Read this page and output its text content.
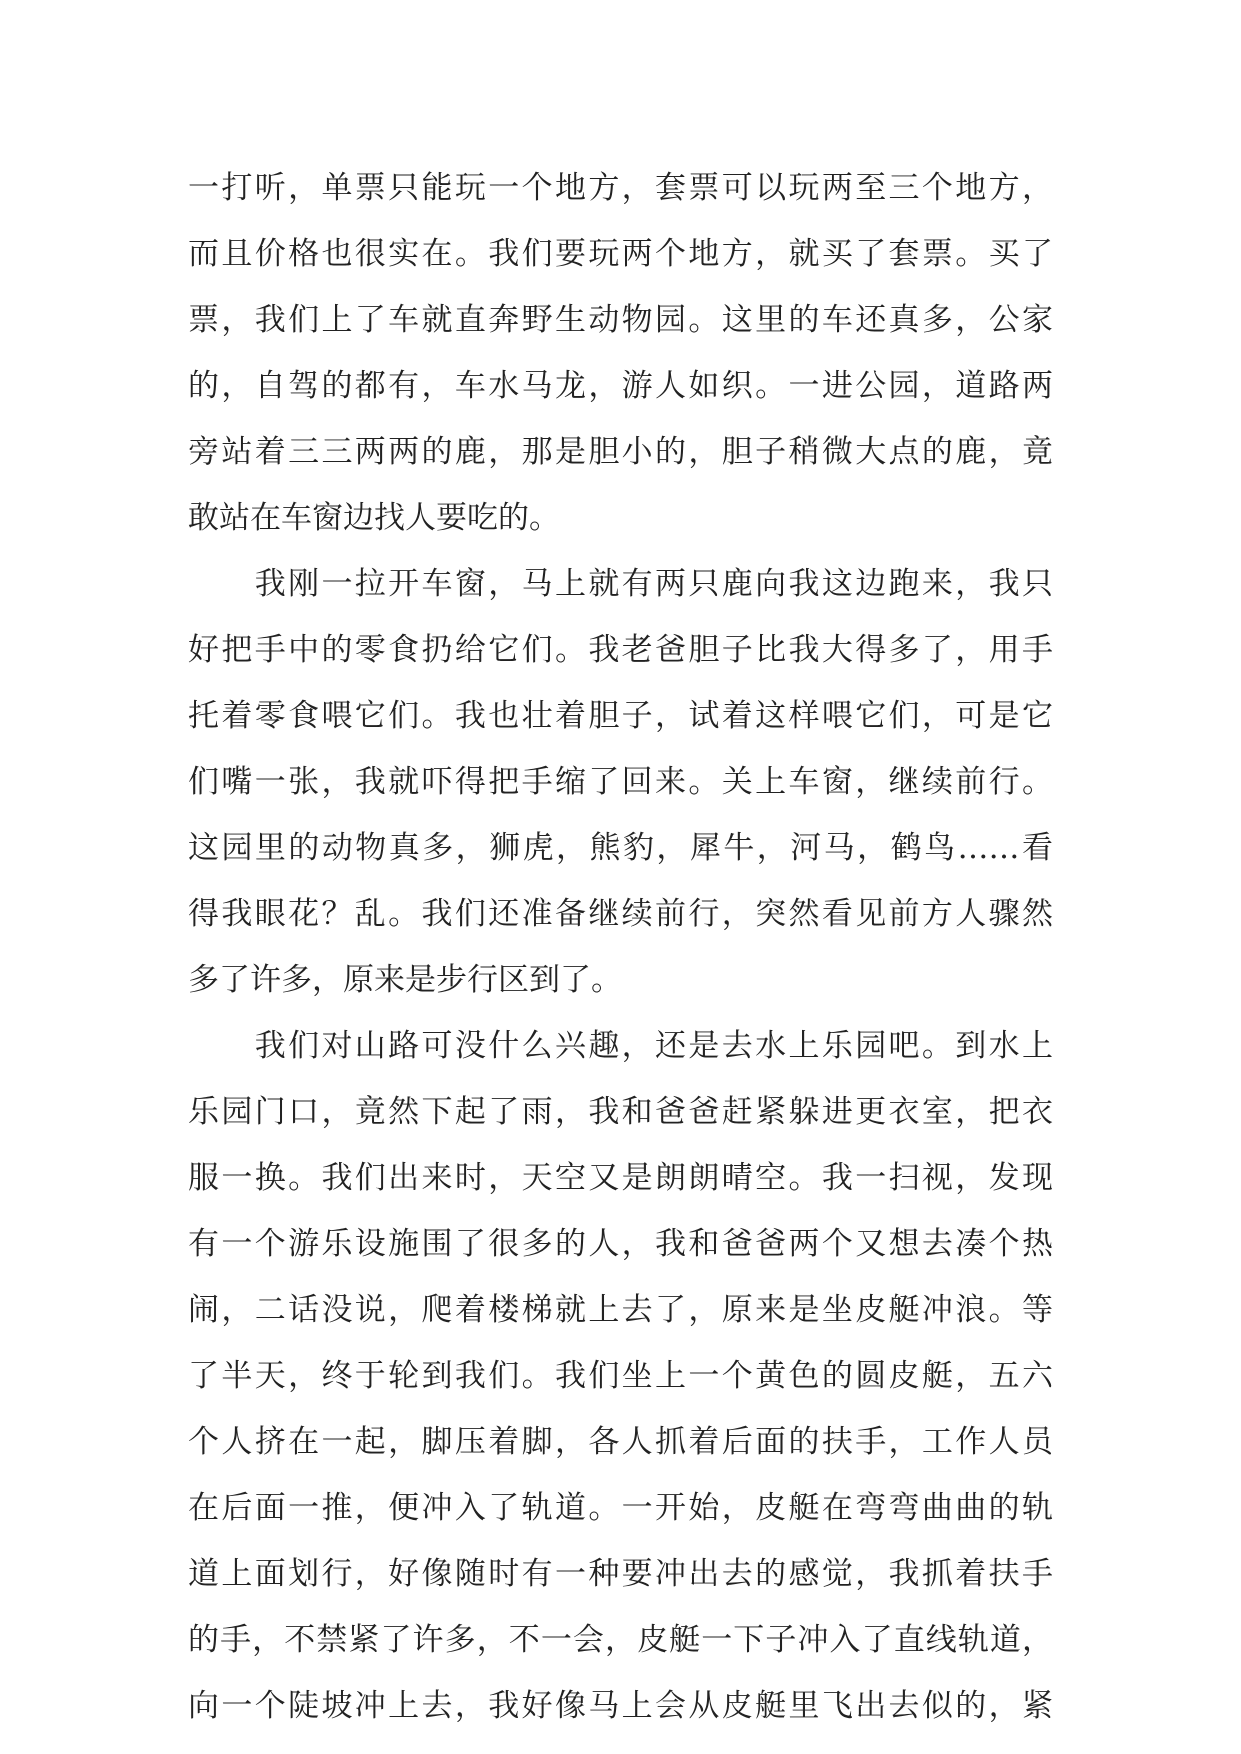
一打听，单票只能玩一个地方，套票可以玩两至三个地方，
而且价格也很实在。我们要玩两个地方，就买了套票。买了
票，我们上了车就直奔野生动物园。这里的车还真多，公家
的，自驾的都有，车水马龙，游人如织。一进公园，道路两
旁站着三三两两的鹿，那是胆小的，胆子稍微大点的鹿，竟
敢站在车窗边找人要吃的。
　　我刚一拉开车窗，马上就有两只鹿向我这边跑来，我只
好把手中的零食扔给它们。我老爸胆子比我大得多了，用手
托着零食喂它们。我也壮着胆子，试着这样喂它们，可是它
们嘴一张，我就吓得把手缩了回来。关上车窗，继续前行。
这园里的动物真多，狮虎，熊豹，犀牛，河马，鹤鸟……看
得我眼花？乱。我们还准备继续前行，突然看见前方人骤然
多了许多，原来是步行区到了。
　　我们对山路可没什么兴趣，还是去水上乐园吧。到水上
乐园门口，竟然下起了雨，我和爸爸赶紧躲进更衣室，把衣
服一换。我们出来时，天空又是朗朗晴空。我一扫视，发现
有一个游乐设施围了很多的人，我和爸爸两个又想去凑个热
闹，二话没说，爬着楼梯就上去了，原来是坐皮艇冲浪。等
了半天，终于轮到我们。我们坐上一个黄色的圆皮艇，五六
个人挤在一起，脚压着脚，各人抓着后面的扶手，工作人员
在后面一推，便冲入了轨道。一开始，皮艇在弯弯曲曲的轨
道上面划行，好像随时有一种要冲出去的感觉，我抓着扶手
的手，不禁紧了许多，不一会，皮艇一下子冲入了直线轨道，
向一个陡坡冲上去，我好像马上会从皮艇里飞出去似的，紧
